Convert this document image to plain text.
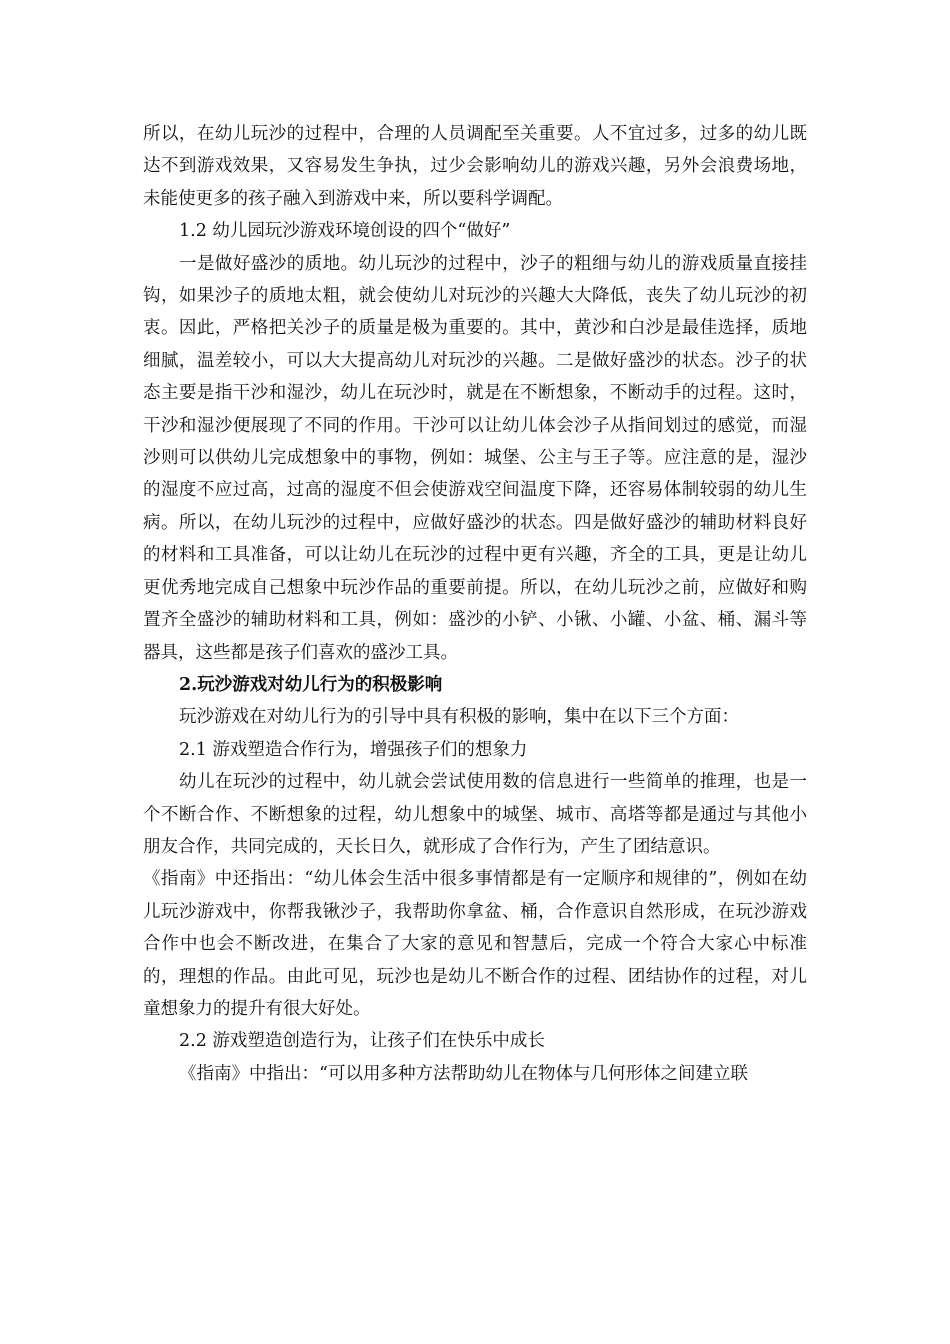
所以，在幼儿玩沙的过程中，合理的人员调配至关重要。人不宜过多，过多的幼儿既达不到游戏效果，又容易发生争执，过少会影响幼儿的游戏兴趣，另外会浪费场地，未能使更多的孩子融入到游戏中来，所以要科学调配。

1.2 幼儿园玩沙游戏环境创设的四个“做好”

一是做好盛沙的质地。幼儿玩沙的过程中，沙子的粗细与幼儿的游戏质量直接挂钩，如果沙子的质地太粗，就会使幼儿对玩沙的兴趣大大降低，丧失了幼儿玩沙的初衷。因此，严格把关沙子的质量是极为重要的。其中，黄沙和白沙是最佳选择，质地细腻，温差较小，可以大大提高幼儿对玩沙的兴趣。二是做好盛沙的状态。沙子的状态主要是指干沙和湿沙，幼儿在玩沙时，就是在不断想象，不断动手的过程。这时，干沙和湿沙便展现了不同的作用。干沙可以让幼儿体会沙子从指间划过的感觉，而湿沙则可以供幼儿完成想象中的事物，例如：城堡、公主与王子等。应注意的是，湿沙的湿度不应过高，过高的湿度不但会使游戏空间温度下降，还容易体制较弱的幼儿生病。所以，在幼儿玩沙的过程中，应做好盛沙的状态。四是做好盛沙的辅助材料良好的材料和工具准备，可以让幼儿在玩沙的过程中更有兴趣，齐全的工具，更是让幼儿更优秀地完成自己想象中玩沙作品的重要前提。所以，在幼儿玩沙之前，应做好和购置齐全盛沙的辅助材料和工具，例如：盛沙的小铲、小锹、小罐、小盆、桶、漏斗等器具，这些都是孩子们喜欢的盛沙工具。

2.玩沙游戏对幼儿行为的积极影响

玩沙游戏在对幼儿行为的引导中具有积极的影响，集中在以下三个方面：

2.1 游戏塑造合作行为，增强孩子们的想象力

幼儿在玩沙的过程中，幼儿就会尝试使用数的信息进行一些简单的推理，也是一个不断合作、不断想象的过程，幼儿想象中的城堡、城市、高塔等都是通过与其他小朋友合作，共同完成的，天长日久，就形成了合作行为，产生了团结意识。

《指南》中还指出：“幼儿体会生活中很多事情都是有一定顺序和规律的”，例如在幼儿玩沙游戏中，你帮我锹沙子，我帮助你拿盆、桶，合作意识自然形成，在玩沙游戏合作中也会不断改进，在集合了大家的意见和智慧后，完成一个符合大家心中标准的，理想的作品。由此可见，玩沙也是幼儿不断合作的过程、团结协作的过程，对儿童想象力的提升有很大好处。

2.2 游戏塑造创造行为，让孩子们在快乐中成长

《指南》中指出：“可以用多种方法帮助幼儿在物体与几何形体之间建立联
